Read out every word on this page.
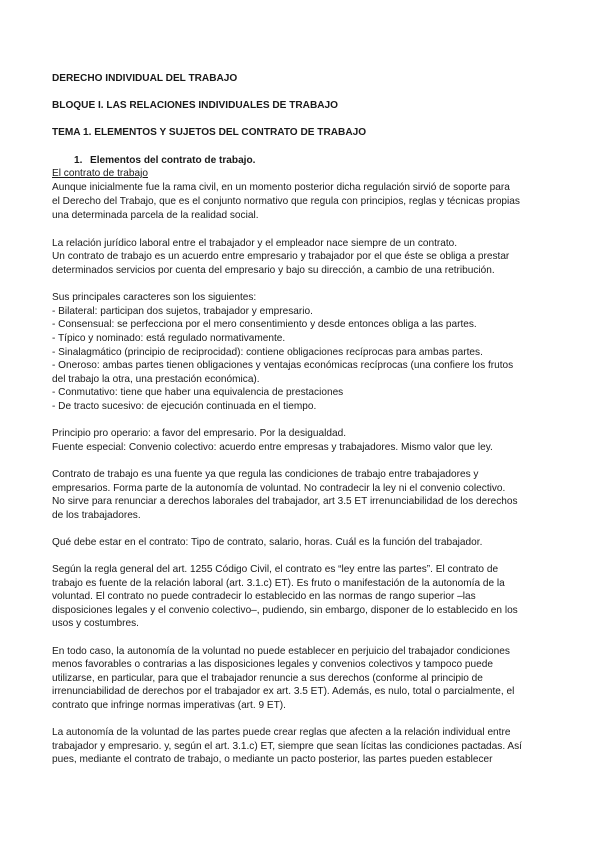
DERECHO INDIVIDUAL DEL TRABAJO
BLOQUE I. LAS RELACIONES INDIVIDUALES DE TRABAJO
TEMA 1. ELEMENTOS Y SUJETOS DEL CONTRATO DE TRABAJO
1. Elementos del contrato de trabajo.
El contrato de trabajo
Aunque inicialmente fue la rama civil, en un momento posterior dicha regulación sirvió de soporte para
el Derecho del Trabajo, que es el conjunto normativo que regula con principios, reglas y técnicas propias
una determinada parcela de la realidad social.
La relación jurídico laboral entre el trabajador y el empleador nace siempre de un contrato.
Un contrato de trabajo es un acuerdo entre empresario y trabajador por el que éste se obliga a prestar
determinados servicios por cuenta del empresario y bajo su dirección, a cambio de una retribución.
Sus principales caracteres son los siguientes:
- Bilateral: participan dos sujetos, trabajador y empresario.
- Consensual: se perfecciona por el mero consentimiento y desde entonces obliga a las partes.
- Típico y nominado: está regulado normativamente.
- Sinalagmático (principio de reciprocidad): contiene obligaciones recíprocas para ambas partes.
- Oneroso: ambas partes tienen obligaciones y ventajas económicas recíprocas (una confiere los frutos
del trabajo la otra, una prestación económica).
- Conmutativo: tiene que haber una equivalencia de prestaciones
- De tracto sucesivo: de ejecución continuada en el tiempo.
Principio pro operario: a favor del empresario. Por la desigualdad.
Fuente especial: Convenio colectivo: acuerdo entre empresas y trabajadores. Mismo valor que ley.
Contrato de trabajo es una fuente ya que regula las condiciones de trabajo entre trabajadores y
empresarios. Forma parte de la autonomía de voluntad. No contradecir la ley ni el convenio colectivo.
No sirve para renunciar a derechos laborales del trabajador, art 3.5 ET irrenunciabilidad de los derechos
de los trabajadores.
Qué debe estar en el contrato: Tipo de contrato, salario, horas. Cuál es la función del trabajador.
Según la regla general del art. 1255 Código Civil, el contrato es “ley entre las partes”. El contrato de
trabajo es fuente de la relación laboral (art. 3.1.c) ET). Es fruto o manifestación de la autonomía de la
voluntad. El contrato no puede contradecir lo establecido en las normas de rango superior –las
disposiciones legales y el convenio colectivo–, pudiendo, sin embargo, disponer de lo establecido en los
usos y costumbres.
En todo caso, la autonomía de la voluntad no puede establecer en perjuicio del trabajador condiciones
menos favorables o contrarias a las disposiciones legales y convenios colectivos y tampoco puede
utilizarse, en particular, para que el trabajador renuncie a sus derechos (conforme al principio de
irrenunciabilidad de derechos por el trabajador ex art. 3.5 ET). Además, es nulo, total o parcialmente, el
contrato que infringe normas imperativas (art. 9 ET).
La autonomía de la voluntad de las partes puede crear reglas que afecten a la relación individual entre
trabajador y empresario. y, según el art. 3.1.c) ET, siempre que sean lícitas las condiciones pactadas. Así
pues, mediante el contrato de trabajo, o mediante un pacto posterior, las partes pueden establecer
